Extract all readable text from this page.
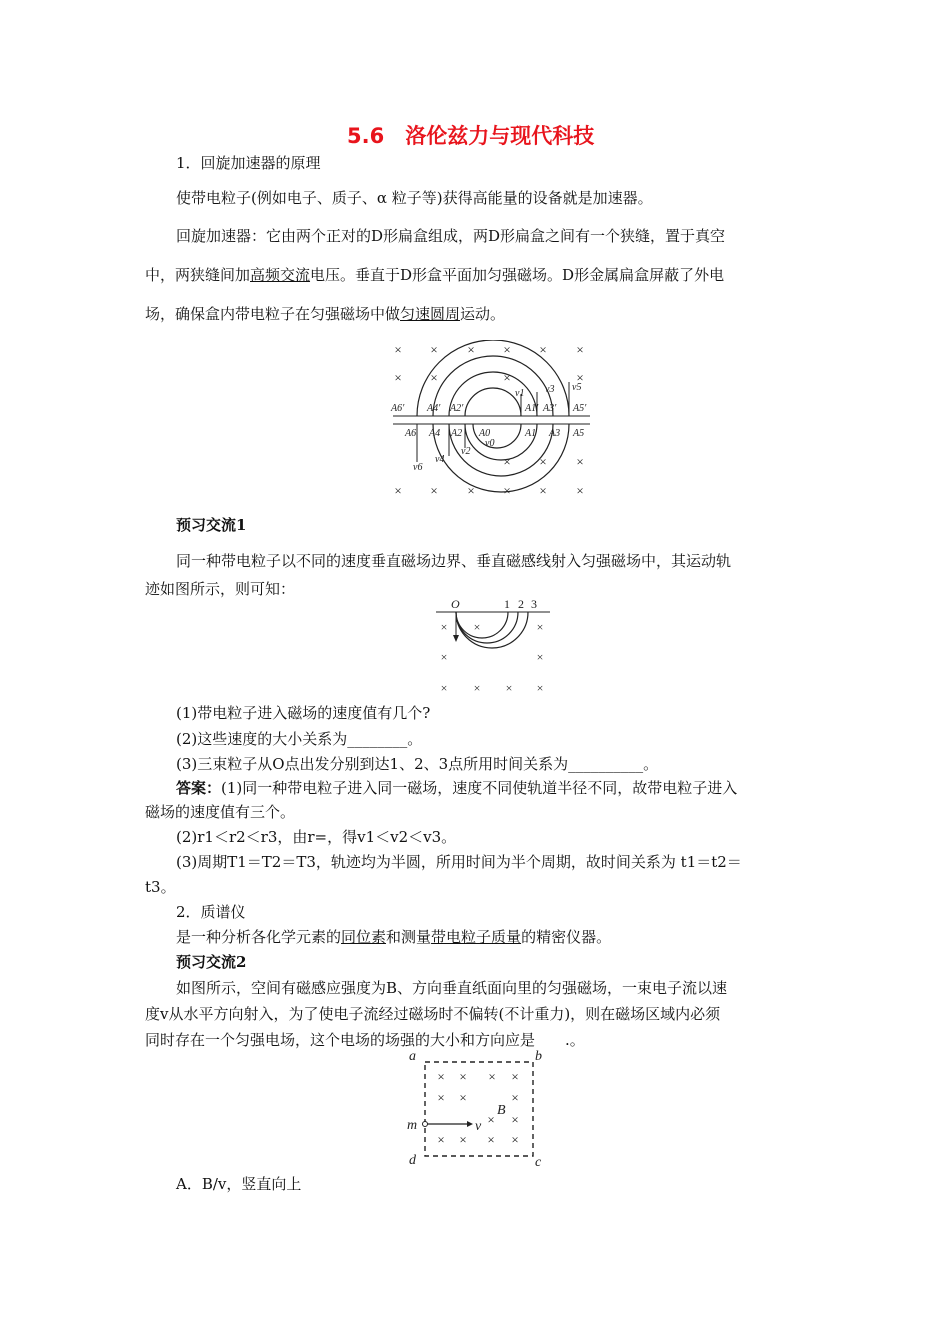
5.6　洛伦兹力与现代科技
1．回旋加速器的原理
使带电粒子(例如电子、质子、α 粒子等)获得高能量的设备就是加速器。
回旋加速器：它由两个正对的D形扁盒组成，两D形扁盒之间有一个狭缝，置于真空
中，两狭缝间加高频交流电压。垂直于D形盒平面加匀强磁场。D形金属扁盒屏蔽了外电
场，确保盒内带电粒子在匀强磁场中做匀速圆周运动。
× × × × × ×
× ×	×	×
× × ×
× × × × × ×
A6′ A4′ A2′	A1′ A3′ A5′
A6 A4 A2 A0	A1 A3 A5
v1 v3 v5
v0
v2
v4
v6
预习交流1
同一种带电粒子以不同的速度垂直磁场边界、垂直磁感线射入匀强磁场中，其运动轨
迹如图所示，则可知：
O	1 2 3
× ×	×
×	×
× × × ×
(1)带电粒子进入磁场的速度值有几个?
(2)这些速度的大小关系为________。
(3)三束粒子从O点出发分别到达1、2、3点所用时间关系为__________。
答案：(1)同一种带电粒子进入同一磁场，速度不同使轨道半径不同，故带电粒子进入
磁场的速度值有三个。
(2)r1＜r2＜r3，由r=，得v1＜v2＜v3。
(3)周期T1＝T2＝T3，轨迹均为半圆，所用时间为半个周期，故时间关系为 t1＝t2＝
t3。
2．质谱仪
是一种分析各化学元素的同位素和测量带电粒子质量的精密仪器。
预习交流2
如图所示，空间有磁感应强度为B、方向垂直纸面向里的匀强磁场，一束电子流以速
度v从水平方向射入，为了使电子流经过磁场时不偏转(不计重力)，则在磁场区域内必须
同时存在一个匀强电场，这个电场的场强的大小和方向应是　　.。
× × × ×
× ×	×
× ×
× × × ×
a	b
c
d
B
m	v
A．B/v，竖直向上
